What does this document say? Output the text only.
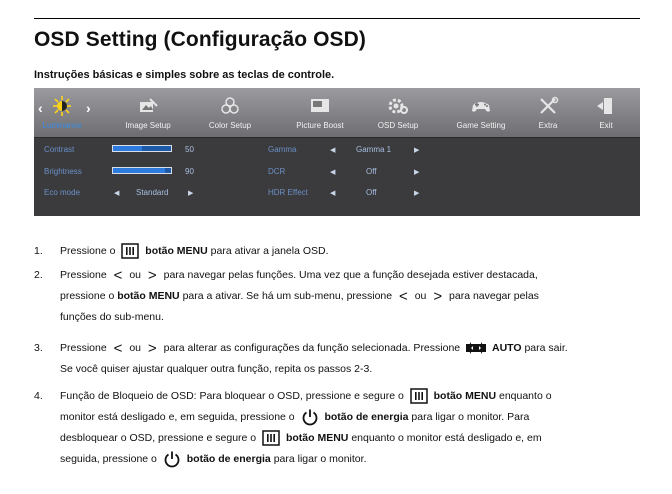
OSD Setting (Configuração OSD)
Instruções básicas e simples sobre as teclas de controle.
‹
Luminance
›
Image Setup	Color Setup	Picture Boost	OSD Setup	Game Setting	Extra	Exit
Contrast	50
Brightness	90
Eco mode	◀ Standard	▶
Gamma	◀	Gamma 1	▶
DCR	◀	Off	▶
HDR Effect	◀	Off	▶
1. Pressione o	botão MENU para ativar a janela OSD.
2. Pressione < ou > para navegar pelas funções. Uma vez que a função desejada estiver destacada,
pressione o botão MENU para a ativar. Se há um sub-menu, pressione < ou > para navegar pelas
funções do sub-menu.
3. Pressione < ou > para alterar as configurações da função selecionada. Pressione	AUTO para sair.
Se você quiser ajustar qualquer outra função, repita os passos 2-3.
4. Função de Bloqueio de OSD: Para bloquear o OSD, pressione e segure o	botão MENU enquanto o
monitor está desligado e, em seguida, pressione o	botão de energia para ligar o monitor. Para
desbloquear o OSD, pressione e segure o	botão MENU enquanto o monitor está desligado e, em
seguida, pressione o	botão de energia para ligar o monitor.
